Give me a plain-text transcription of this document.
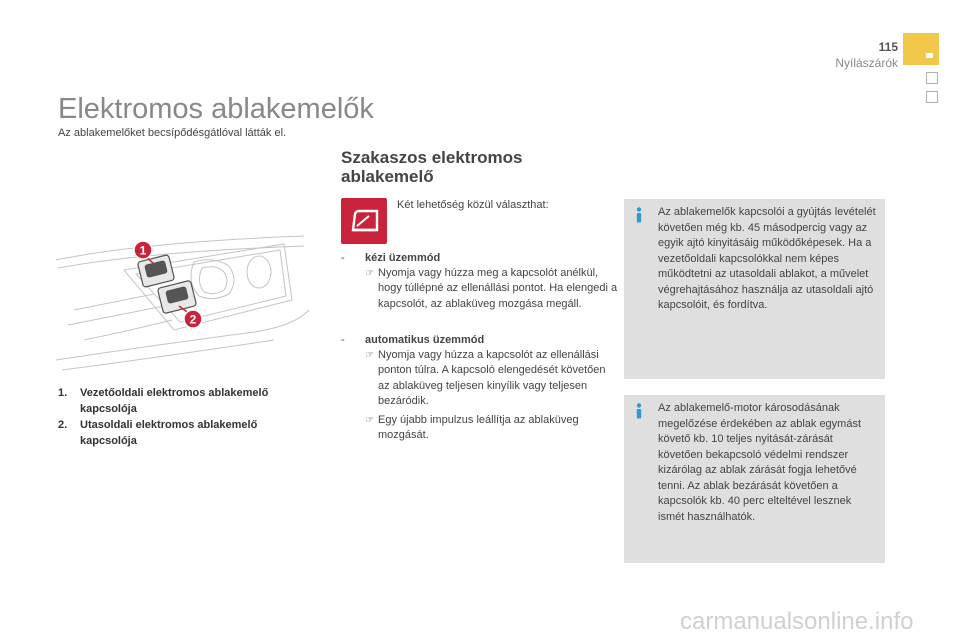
115
Nyílászárók
Elektromos ablakemelők
Az ablakemelőket becsípődésgátlóval látták el.
1
2
1. Vezetőoldali elektromos ablakemelő kapcsolója
2. Utasoldali elektromos ablakemelő kapcsolója
Szakaszos elektromos ablakemelő
Két lehetőség közül választhat:
- kézi üzemmód
☞ Nyomja vagy húzza meg a kapcsolót anélkül, hogy túllépné az ellenállási pontot. Ha elengedi a kapcsolót, az ablaküveg mozgása megáll.
- automatikus üzemmód
☞ Nyomja vagy húzza a kapcsolót az ellenállási ponton túlra. A kapcsoló elengedését követően az ablaküveg teljesen kinyílik vagy teljesen bezáródik.
☞ Egy újabb impulzus leállítja az ablaküveg mozgását.
Az ablakemelők kapcsolói a gyújtás levételét követően még kb. 45 másodpercig vagy az egyik ajtó kinyitásáig működőképesek. Ha a vezetőoldali kapcsolókkal nem képes működtetni az utasoldali ablakot, a művelet végrehajtásához használja az utasoldali ajtó kapcsolóit, és fordítva.
Az ablakemelő-motor károsodásának megelőzése érdekében az ablak egymást követő kb. 10 teljes nyitását-zárását követően bekapcsoló védelmi rendszer kizárólag az ablak zárását fogja lehetővé tenni. Az ablak bezárását követően a kapcsolók kb. 40 perc elteltével lesznek ismét használhatók.
carmanualsonline.info
